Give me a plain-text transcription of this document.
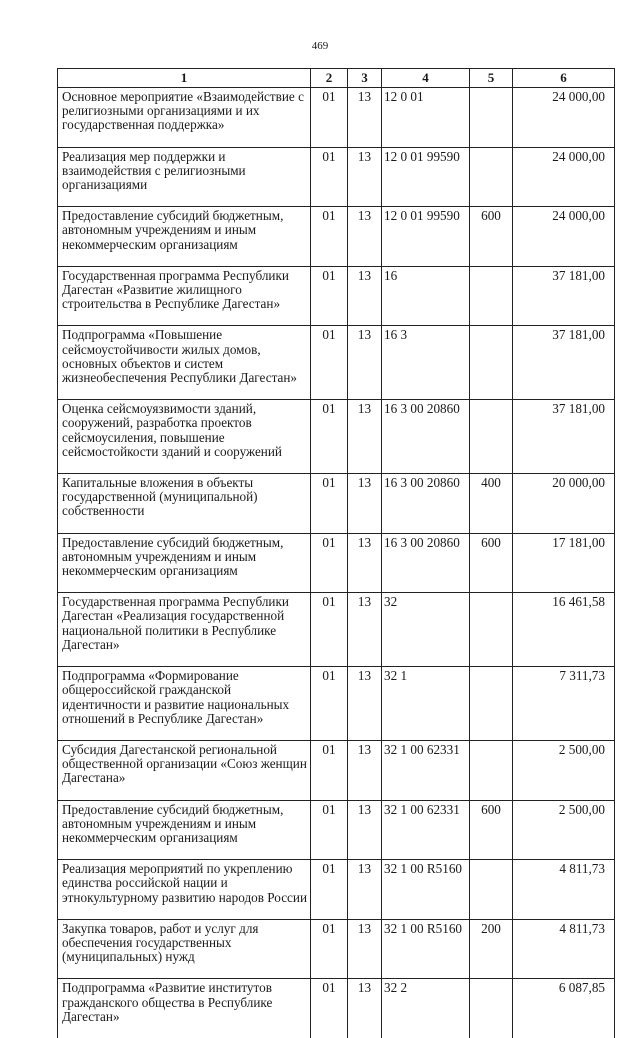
469
1	2	3	4	5	6
Основное мероприятие «Взаимодействие с религиозными организациями и их государственная поддержка»	01	13	12 0 01		24 000,00
Реализация мер поддержки и взаимодействия с религиозными организациями	01	13	12 0 01 99590		24 000,00
Предоставление субсидий бюджетным, автономным учреждениям и иным некоммерческим организациям	01	13	12 0 01 99590	600	24 000,00
Государственная программа Республики Дагестан «Развитие жилищного строительства в Республике Дагестан»	01	13	16		37 181,00
Подпрограмма «Повышение сейсмоустойчивости жилых домов, основных объектов и систем жизнеобеспечения Республики Дагестан»	01	13	16 3		37 181,00
Оценка сейсмоуязвимости зданий, сооружений, разработка проектов сейсмоусиления, повышение сейсмостойкости зданий и сооружений	01	13	16 3 00 20860		37 181,00
Капитальные вложения в объекты государственной (муниципальной) собственности	01	13	16 3 00 20860	400	20 000,00
Предоставление субсидий бюджетным, автономным учреждениям и иным некоммерческим организациям	01	13	16 3 00 20860	600	17 181,00
Государственная программа Республики Дагестан «Реализация государственной национальной политики в Республике Дагестан»	01	13	32		16 461,58
Подпрограмма «Формирование общероссийской гражданской идентичности и развитие национальных отношений в Республике Дагестан»	01	13	32 1		7 311,73
Субсидия Дагестанской региональной общественной организации «Союз женщин Дагестана»	01	13	32 1 00 62331		2 500,00
Предоставление субсидий бюджетным, автономным учреждениям и иным некоммерческим организациям	01	13	32 1 00 62331	600	2 500,00
Реализация мероприятий по укреплению единства российской нации и этнокультурному развитию народов России	01	13	32 1 00 R5160		4 811,73
Закупка товаров, работ и услуг для обеспечения государственных (муниципальных) нужд	01	13	32 1 00 R5160	200	4 811,73
Подпрограмма «Развитие институтов гражданского общества в Республике Дагестан»	01	13	32 2		6 087,85
